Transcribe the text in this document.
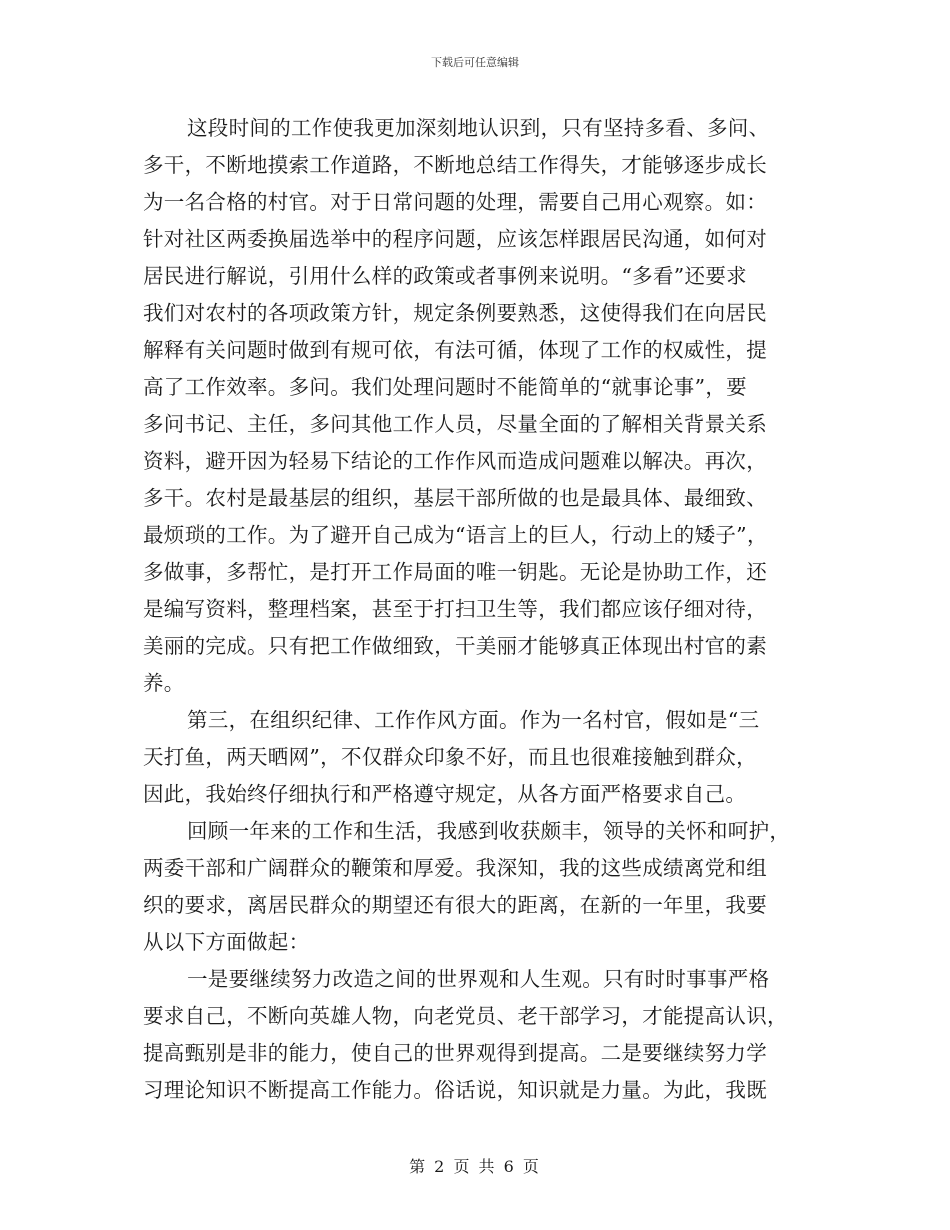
下载后可任意编辑
这段时间的工作使我更加深刻地认识到，只有坚持多看、多问、
多干，不断地摸索工作道路，不断地总结工作得失，才能够逐步成长
为一名合格的村官。对于日常问题的处理，需要自己用心观察。如：
针对社区两委换届选举中的程序问题，应该怎样跟居民沟通，如何对
居民进行解说，引用什么样的政策或者事例来说明。“多看”还要求
我们对农村的各项政策方针，规定条例要熟悉，这使得我们在向居民
解释有关问题时做到有规可依，有法可循，体现了工作的权威性，提
高了工作效率。多问。我们处理问题时不能简单的“就事论事”，要
多问书记、主任，多问其他工作人员，尽量全面的了解相关背景关系
资料，避开因为轻易下结论的工作作风而造成问题难以解决。再次，
多干。农村是最基层的组织，基层干部所做的也是最具体、最细致、
最烦琐的工作。为了避开自己成为“语言上的巨人，行动上的矮子”，
多做事，多帮忙，是打开工作局面的唯一钥匙。无论是协助工作，还
是编写资料，整理档案，甚至于打扫卫生等，我们都应该仔细对待，
美丽的完成。只有把工作做细致，干美丽才能够真正体现出村官的素
养。
第三，在组织纪律、工作作风方面。作为一名村官，假如是“三
天打鱼，两天晒网”，不仅群众印象不好，而且也很难接触到群众，
因此，我始终仔细执行和严格遵守规定，从各方面严格要求自己。
回顾一年来的工作和生活，我感到收获颇丰，领导的关怀和呵护，
两委干部和广阔群众的鞭策和厚爱。我深知，我的这些成绩离党和组
织的要求，离居民群众的期望还有很大的距离，在新的一年里，我要
从以下方面做起：
一是要继续努力改造之间的世界观和人生观。只有时时事事严格
要求自己，不断向英雄人物，向老党员、老干部学习，才能提高认识，
提高甄别是非的能力，使自己的世界观得到提高。二是要继续努力学
习理论知识不断提高工作能力。俗话说，知识就是力量。为此，我既
第 2 页 共 6 页
